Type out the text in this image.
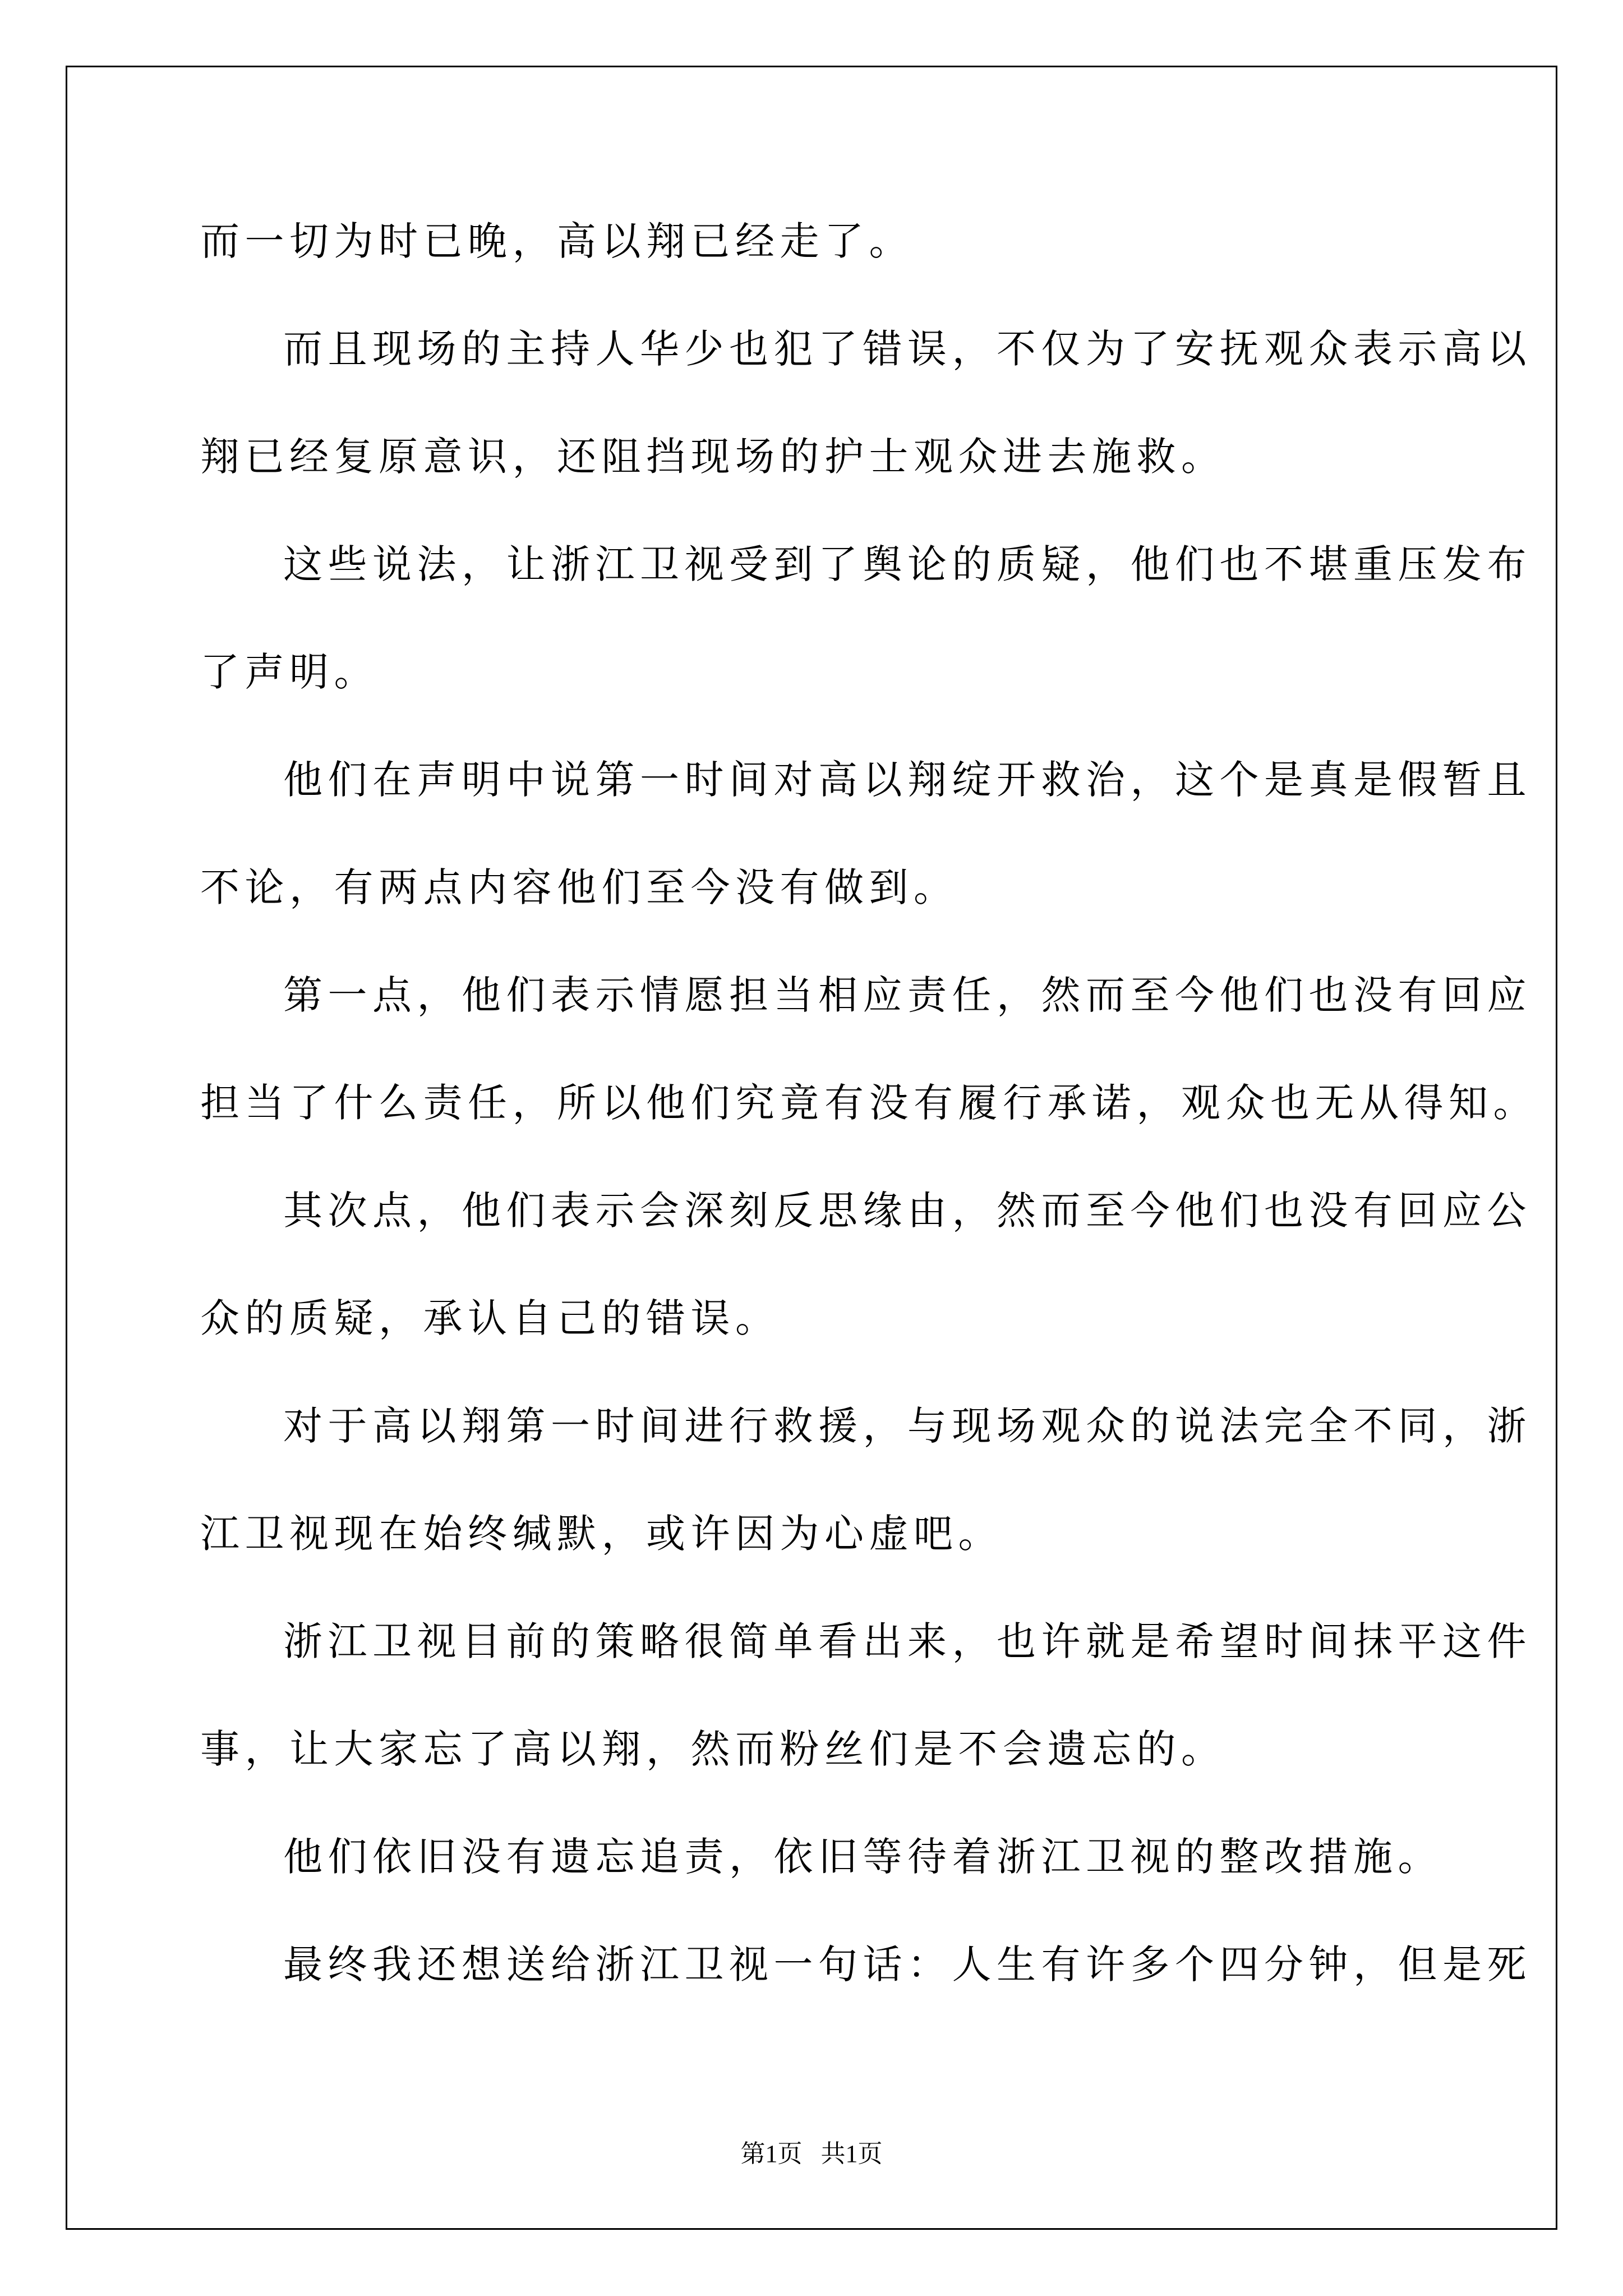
而一切为时已晚，高以翔已经走了。
而且现场的主持人华少也犯了错误，不仅为了安抚观众表示高以
翔已经复原意识，还阻挡现场的护士观众进去施救。
这些说法，让浙江卫视受到了舆论的质疑，他们也不堪重压发布
了声明。
他们在声明中说第一时间对高以翔绽开救治，这个是真是假暂且
不论，有两点内容他们至今没有做到。
第一点，他们表示情愿担当相应责任，然而至今他们也没有回应
担当了什么责任，所以他们究竟有没有履行承诺，观众也无从得知。
其次点，他们表示会深刻反思缘由，然而至今他们也没有回应公
众的质疑，承认自己的错误。
对于高以翔第一时间进行救援，与现场观众的说法完全不同，浙
江卫视现在始终缄默，或许因为心虚吧。
浙江卫视目前的策略很简单看出来，也许就是希望时间抹平这件
事，让大家忘了高以翔，然而粉丝们是不会遗忘的。
他们依旧没有遗忘追责，依旧等待着浙江卫视的整改措施。
最终我还想送给浙江卫视一句话：人生有许多个四分钟，但是死
第1页   共1页
